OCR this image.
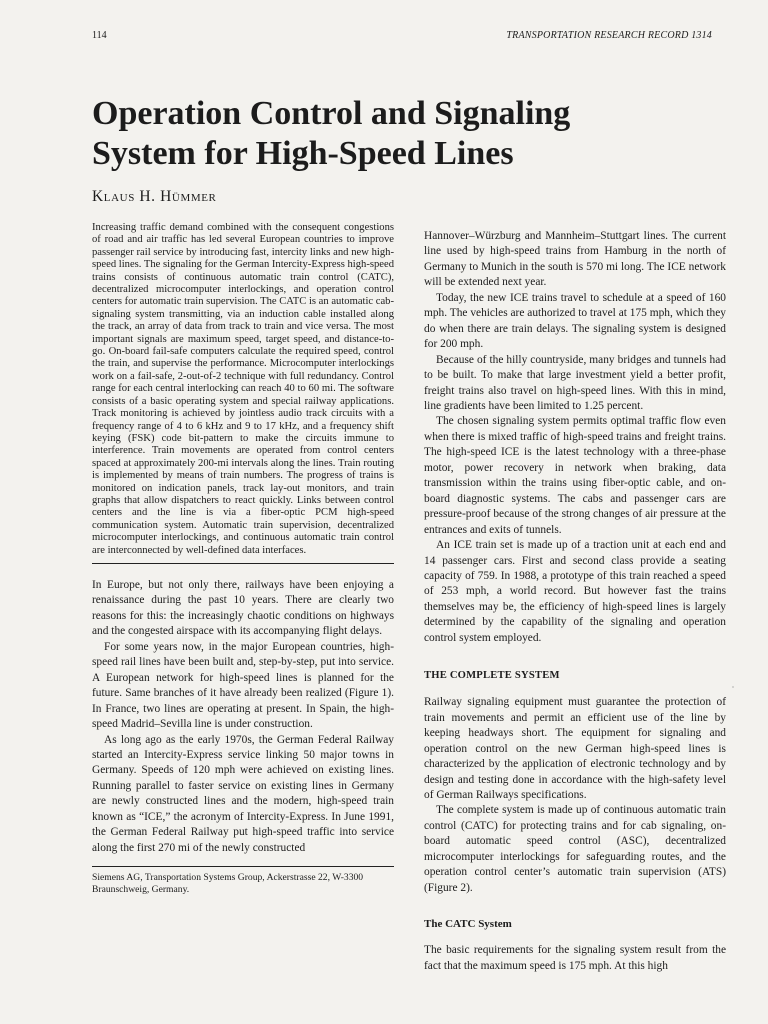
114	TRANSPORTATION RESEARCH RECORD 1314
Operation Control and Signaling
System for High-Speed Lines
Klaus H. Hümmer

Increasing traffic demand combined with the consequent congestions of road and air traffic has led several European countries to improve passenger rail service by introducing fast, intercity links and new high-speed lines. The signaling for the German Intercity-Express high-speed trains consists of continuous automatic train control (CATC), decentralized microcomputer interlockings, and operation control centers for automatic train supervision. The CATC is an automatic cab-signaling system transmitting, via an induction cable installed along the track, an array of data from track to train and vice versa. The most important signals are maximum speed, target speed, and distance-to-go. On-board fail-safe computers calculate the required speed, control the train, and supervise the performance. Microcomputer interlockings work on a fail-safe, 2-out-of-2 technique with full redundancy. Control range for each central interlocking can reach 40 to 60 mi. The software consists of a basic operating system and special railway applications. Track monitoring is achieved by jointless audio track circuits with a frequency range of 4 to 6 kHz and 9 to 17 kHz, and a frequency shift keying (FSK) code bit-pattern to make the circuits immune to interference. Train movements are operated from control centers spaced at approximately 200-mi intervals along the lines. Train routing is implemented by means of train numbers. The progress of trains is monitored on indication panels, track lay-out monitors, and train graphs that allow dispatchers to react quickly. Links between control centers and the line is via a fiber-optic PCM high-speed communication system. Automatic train supervision, decentralized microcomputer interlockings, and continuous automatic train control are interconnected by well-defined data interfaces.

In Europe, but not only there, railways have been enjoying a renaissance during the past 10 years. There are clearly two reasons for this: the increasingly chaotic conditions on highways and the congested airspace with its accompanying flight delays.

For some years now, in the major European countries, high-speed rail lines have been built and, step-by-step, put into service. A European network for high-speed lines is planned for the future. Same branches of it have already been realized (Figure 1). In France, two lines are operating at present. In Spain, the high-speed Madrid–Sevilla line is under construction.

As long ago as the early 1970s, the German Federal Railway started an Intercity-Express service linking 50 major towns in Germany. Speeds of 120 mph were achieved on existing lines. Running parallel to faster service on existing lines in Germany are newly constructed lines and the modern, high-speed train known as “ICE,” the acronym of Intercity-Express. In June 1991, the German Federal Railway put high-speed traffic into service along the first 270 mi of the newly constructed

Siemens AG, Transportation Systems Group, Ackerstrasse 22, W-3300 Braunschweig, Germany.

Hannover–Würzburg and Mannheim–Stuttgart lines. The current line used by high-speed trains from Hamburg in the north of Germany to Munich in the south is 570 mi long. The ICE network will be extended next year.

Today, the new ICE trains travel to schedule at a speed of 160 mph. The vehicles are authorized to travel at 175 mph, which they do when there are train delays. The signaling system is designed for 200 mph.

Because of the hilly countryside, many bridges and tunnels had to be built. To make that large investment yield a better profit, freight trains also travel on high-speed lines. With this in mind, line gradients have been limited to 1.25 percent.

The chosen signaling system permits optimal traffic flow even when there is mixed traffic of high-speed trains and freight trains. The high-speed ICE is the latest technology with a three-phase motor, power recovery in network when braking, data transmission within the trains using fiber-optic cable, and on-board diagnostic systems. The cabs and passenger cars are pressure-proof because of the strong changes of air pressure at the entrances and exits of tunnels.

An ICE train set is made up of a traction unit at each end and 14 passenger cars. First and second class provide a seating capacity of 759. In 1988, a prototype of this train reached a speed of 253 mph, a world record. But however fast the trains themselves may be, the efficiency of high-speed lines is largely determined by the capability of the signaling and operation control system employed.

THE COMPLETE SYSTEM

Railway signaling equipment must guarantee the protection of train movements and permit an efficient use of the line by keeping headways short. The equipment for signaling and operation control on the new German high-speed lines is characterized by the application of electronic technology and by design and testing done in accordance with the high-safety level of German Railways specifications.

The complete system is made up of continuous automatic train control (CATC) for protecting trains and for cab signaling, on-board automatic speed control (ASC), decentralized microcomputer interlockings for safeguarding routes, and the operation control center’s automatic train supervision (ATS) (Figure 2).

The CATC System

The basic requirements for the signaling system result from the fact that the maximum speed is 175 mph. At this high
